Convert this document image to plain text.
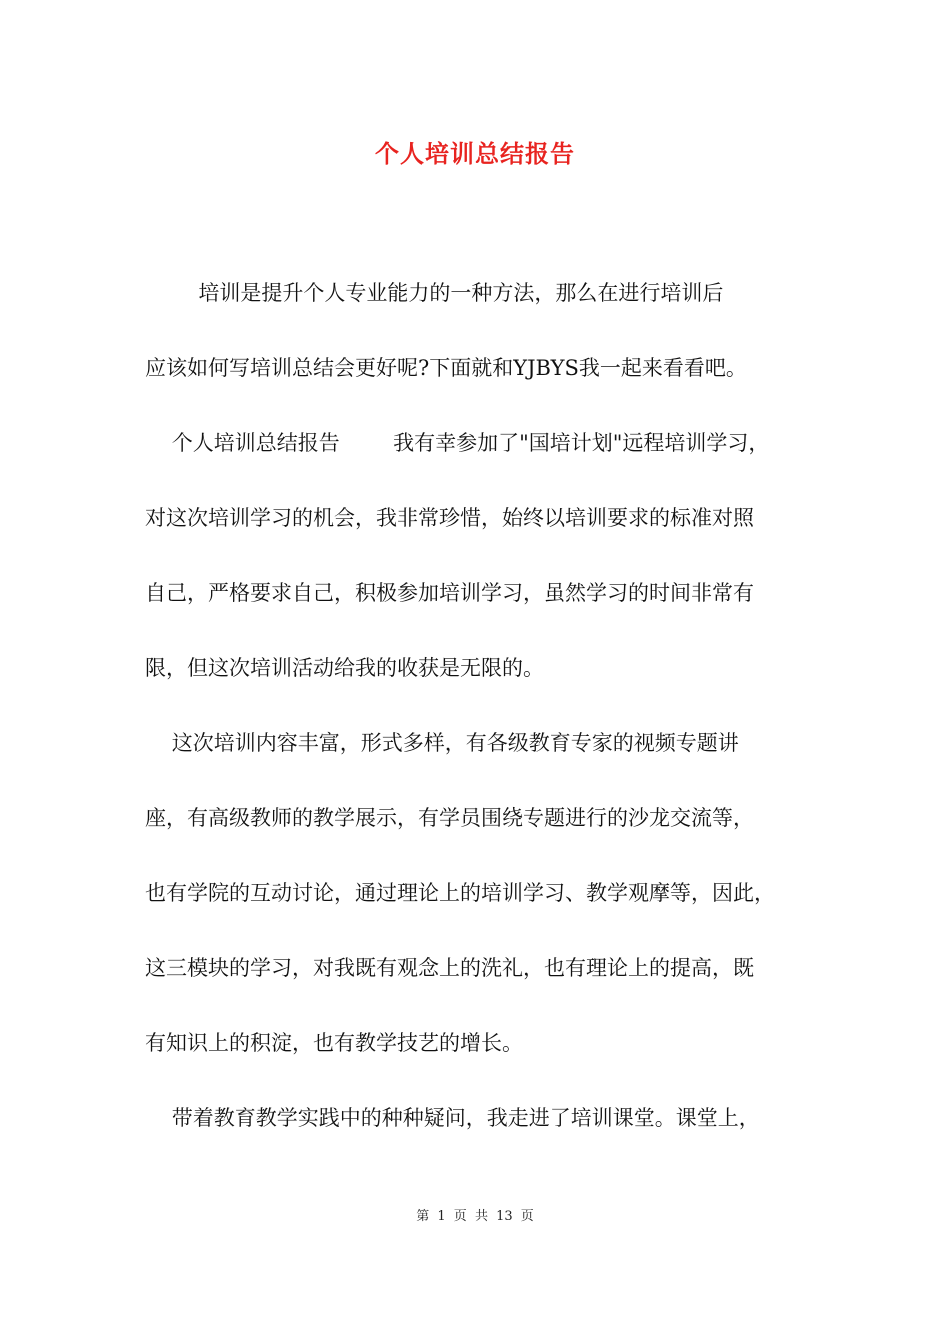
个人培训总结报告
培训是提升个人专业能力的一种方法，那么在进行培训后
应该如何写培训总结会更好呢?下面就和YJBYS我一起来看看吧。
个人培训总结报告        我有幸参加了"国培计划"远程培训学习，
对这次培训学习的机会，我非常珍惜，始终以培训要求的标准对照
自己，严格要求自己，积极参加培训学习，虽然学习的时间非常有
限，但这次培训活动给我的收获是无限的。
这次培训内容丰富，形式多样，有各级教育专家的视频专题讲
座，有高级教师的教学展示，有学员围绕专题进行的沙龙交流等，
也有学院的互动讨论，通过理论上的培训学习、教学观摩等，因此，
这三模块的学习，对我既有观念上的洗礼，也有理论上的提高，既
有知识上的积淀，也有教学技艺的增长。
带着教育教学实践中的种种疑问，我走进了培训课堂。课堂上，
第 1 页 共 13 页
